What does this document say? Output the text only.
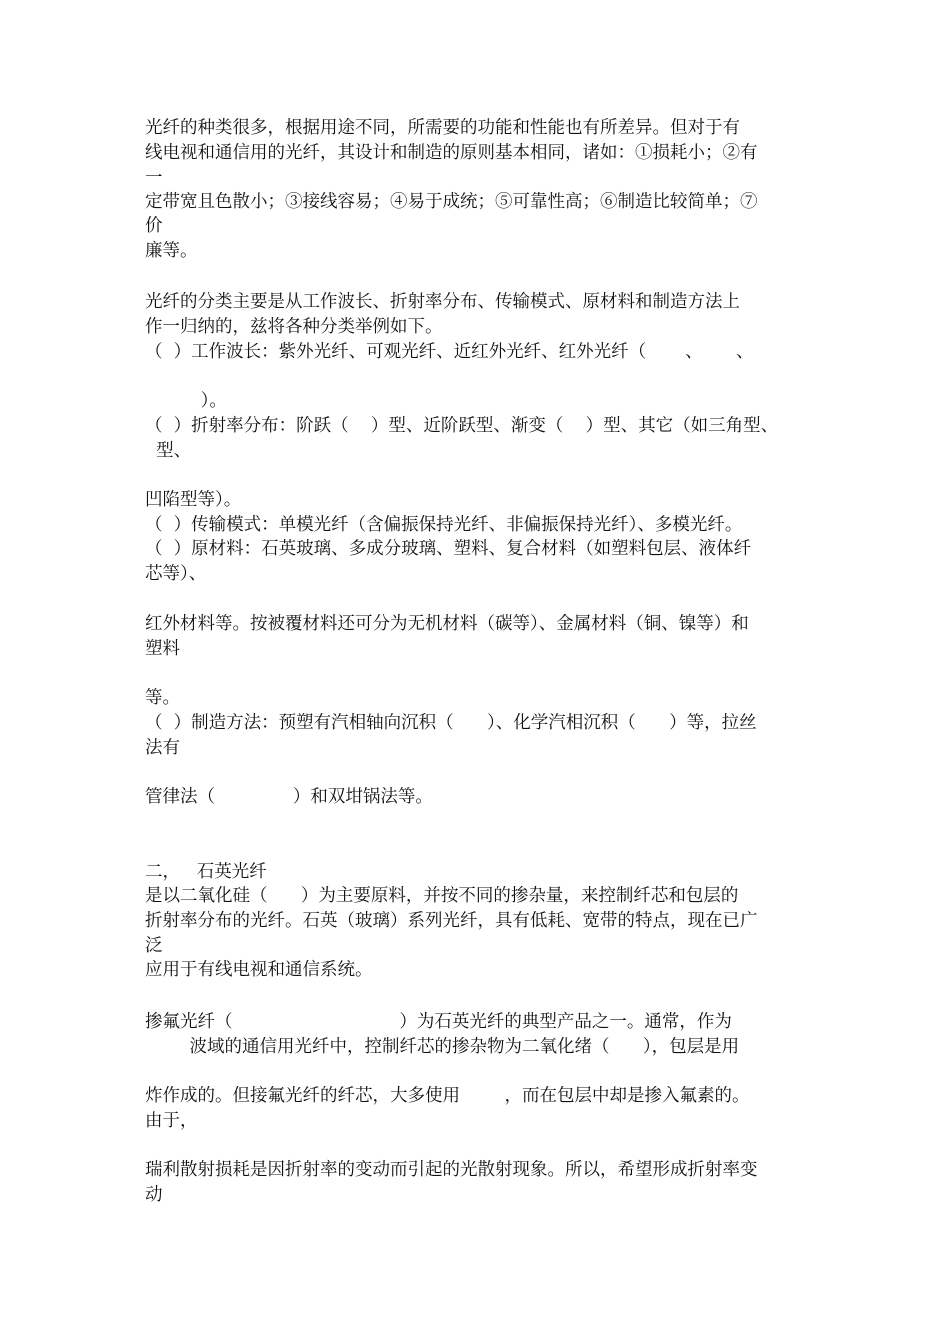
光纤的种类很多，根据用途不同，所需要的功能和性能也有所差异。但对于有

线电视和通信用的光纤，其设计和制造的原则基本相同，诸如：①损耗小；②有

一

定带宽且色散小；③接线容易；④易于成统；⑤可靠性高；⑥制造比较简单；⑦

价

廉等。

光纤的分类主要是从工作波长、折射率分布、传输模式、原材料和制造方法上

作一归纳的，兹将各种分类举例如下。

（  ）工作波长：紫外光纤、可观光纤、近红外光纤、红外光纤（       、      、

）。

（  ）折射率分布：阶跃（    ）型、近阶跃型、渐变（    ）型、其它（如三角型、

型、

凹陷型等）。

（  ）传输模式：单模光纤（含偏振保持光纤、非偏振保持光纤）、多模光纤。

（  ）原材料：石英玻璃、多成分玻璃、塑料、复合材料（如塑料包层、液体纤

芯等）、

红外材料等。按被覆材料还可分为无机材料（碳等）、金属材料（铜、镍等）和

塑料

等。

（  ）制造方法：预塑有汽相轴向沉积（      ）、化学汽相沉积（      ）等，拉丝

法有

管律法（              ）和双坩锅法等。

二，   石英光纤

是以二氧化硅（      ）为主要原料，并按不同的掺杂量，来控制纤芯和包层的

折射率分布的光纤。石英（玻璃）系列光纤，具有低耗、宽带的特点，现在已广

泛

应用于有线电视和通信系统。

掺氟光纤（                              ）为石英光纤的典型产品之一。通常，作为

波域的通信用光纤中，控制纤芯的掺杂物为二氧化绪（      ），包层是用

炸作成的。但接氟光纤的纤芯，大多使用        ，而在包层中却是掺入氟素的。

由于，

瑞利散射损耗是因折射率的变动而引起的光散射现象。所以，希望形成折射率变

动
